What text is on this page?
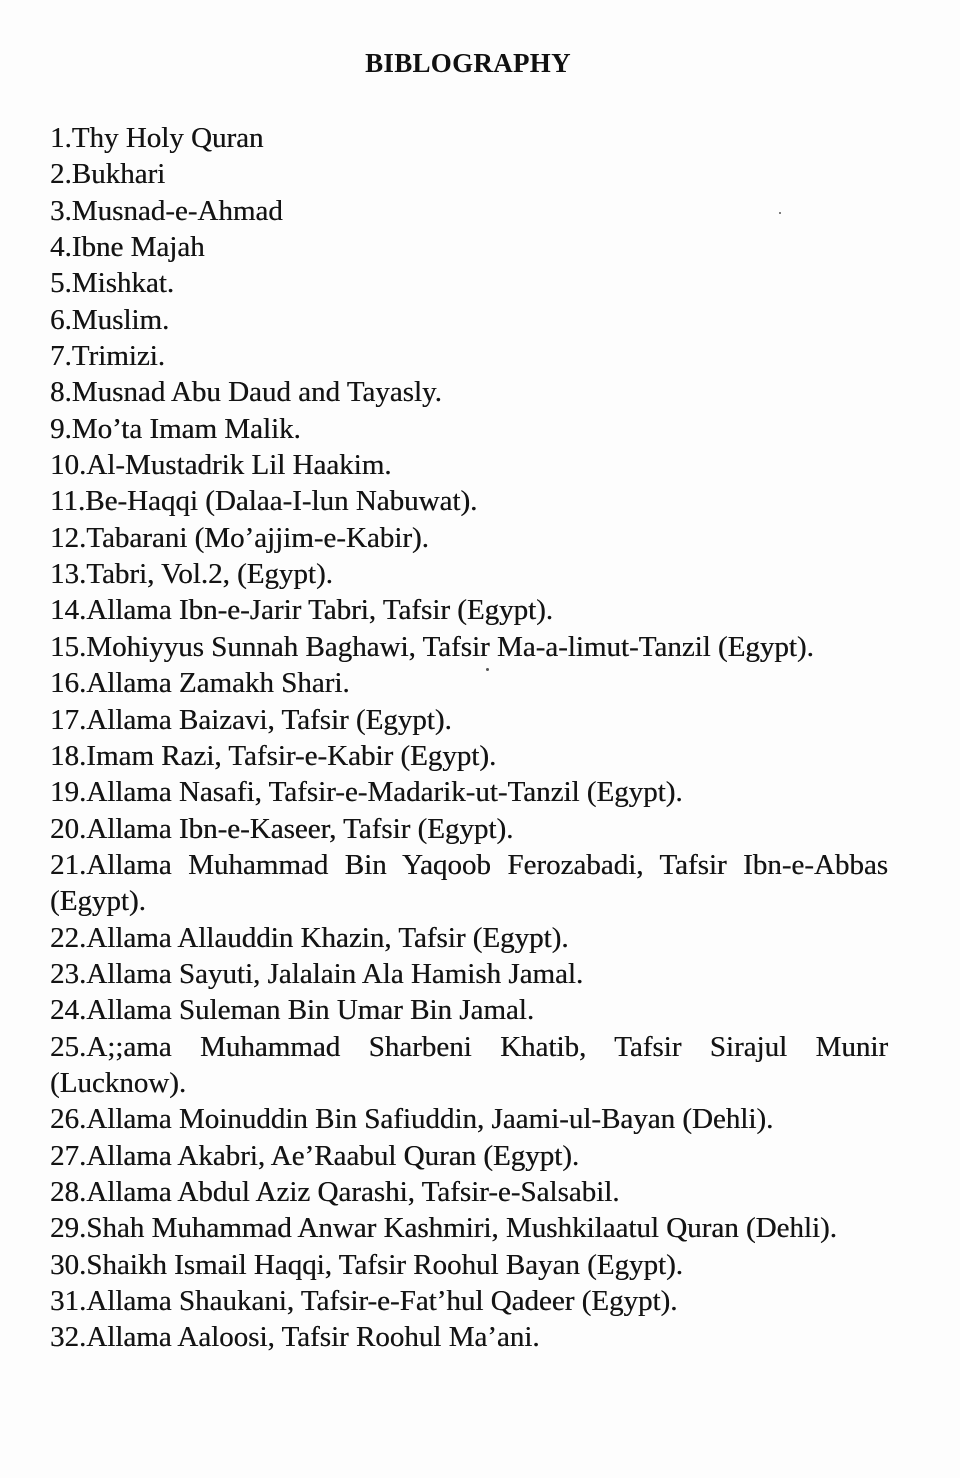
BIBLOGRAPHY
1.Thy Holy Quran
2.Bukhari
3.Musnad-e-Ahmad
4.Ibne Majah
5.Mishkat.
6.Muslim.
7.Trimizi.
8.Musnad Abu Daud and Tayasly.
9.Mo’ta Imam Malik.
10.Al-Mustadrik Lil Haakim.
11.Be-Haqqi (Dalaa-I-lun Nabuwat).
12.Tabarani (Mo’ajjim-e-Kabir).
13.Tabri, Vol.2, (Egypt).
14.Allama Ibn-e-Jarir Tabri, Tafsir (Egypt).
15.Mohiyyus Sunnah Baghawi, Tafsir Ma-a-limut-Tanzil (Egypt).
16.Allama Zamakh Shari.
17.Allama Baizavi, Tafsir (Egypt).
18.Imam Razi, Tafsir-e-Kabir (Egypt).
19.Allama Nasafi, Tafsir-e-Madarik-ut-Tanzil (Egypt).
20.Allama Ibn-e-Kaseer, Tafsir (Egypt).
21.Allama Muhammad Bin Yaqoob Ferozabadi, Tafsir Ibn-e-Abbas (Egypt).
22.Allama Allauddin Khazin, Tafsir (Egypt).
23.Allama Sayuti, Jalalain Ala Hamish Jamal.
24.Allama Suleman Bin Umar Bin Jamal.
25.A;;ama Muhammad Sharbeni Khatib, Tafsir Sirajul Munir (Lucknow).
26.Allama Moinuddin Bin Safiuddin, Jaami-ul-Bayan (Dehli).
27.Allama Akabri, Ae’Raabul Quran (Egypt).
28.Allama Abdul Aziz Qarashi, Tafsir-e-Salsabil.
29.Shah Muhammad Anwar Kashmiri, Mushkilaatul Quran (Dehli).
30.Shaikh Ismail Haqqi, Tafsir Roohul Bayan (Egypt).
31.Allama Shaukani, Tafsir-e-Fat’hul Qadeer (Egypt).
32.Allama Aaloosi, Tafsir Roohul Ma’ani.
